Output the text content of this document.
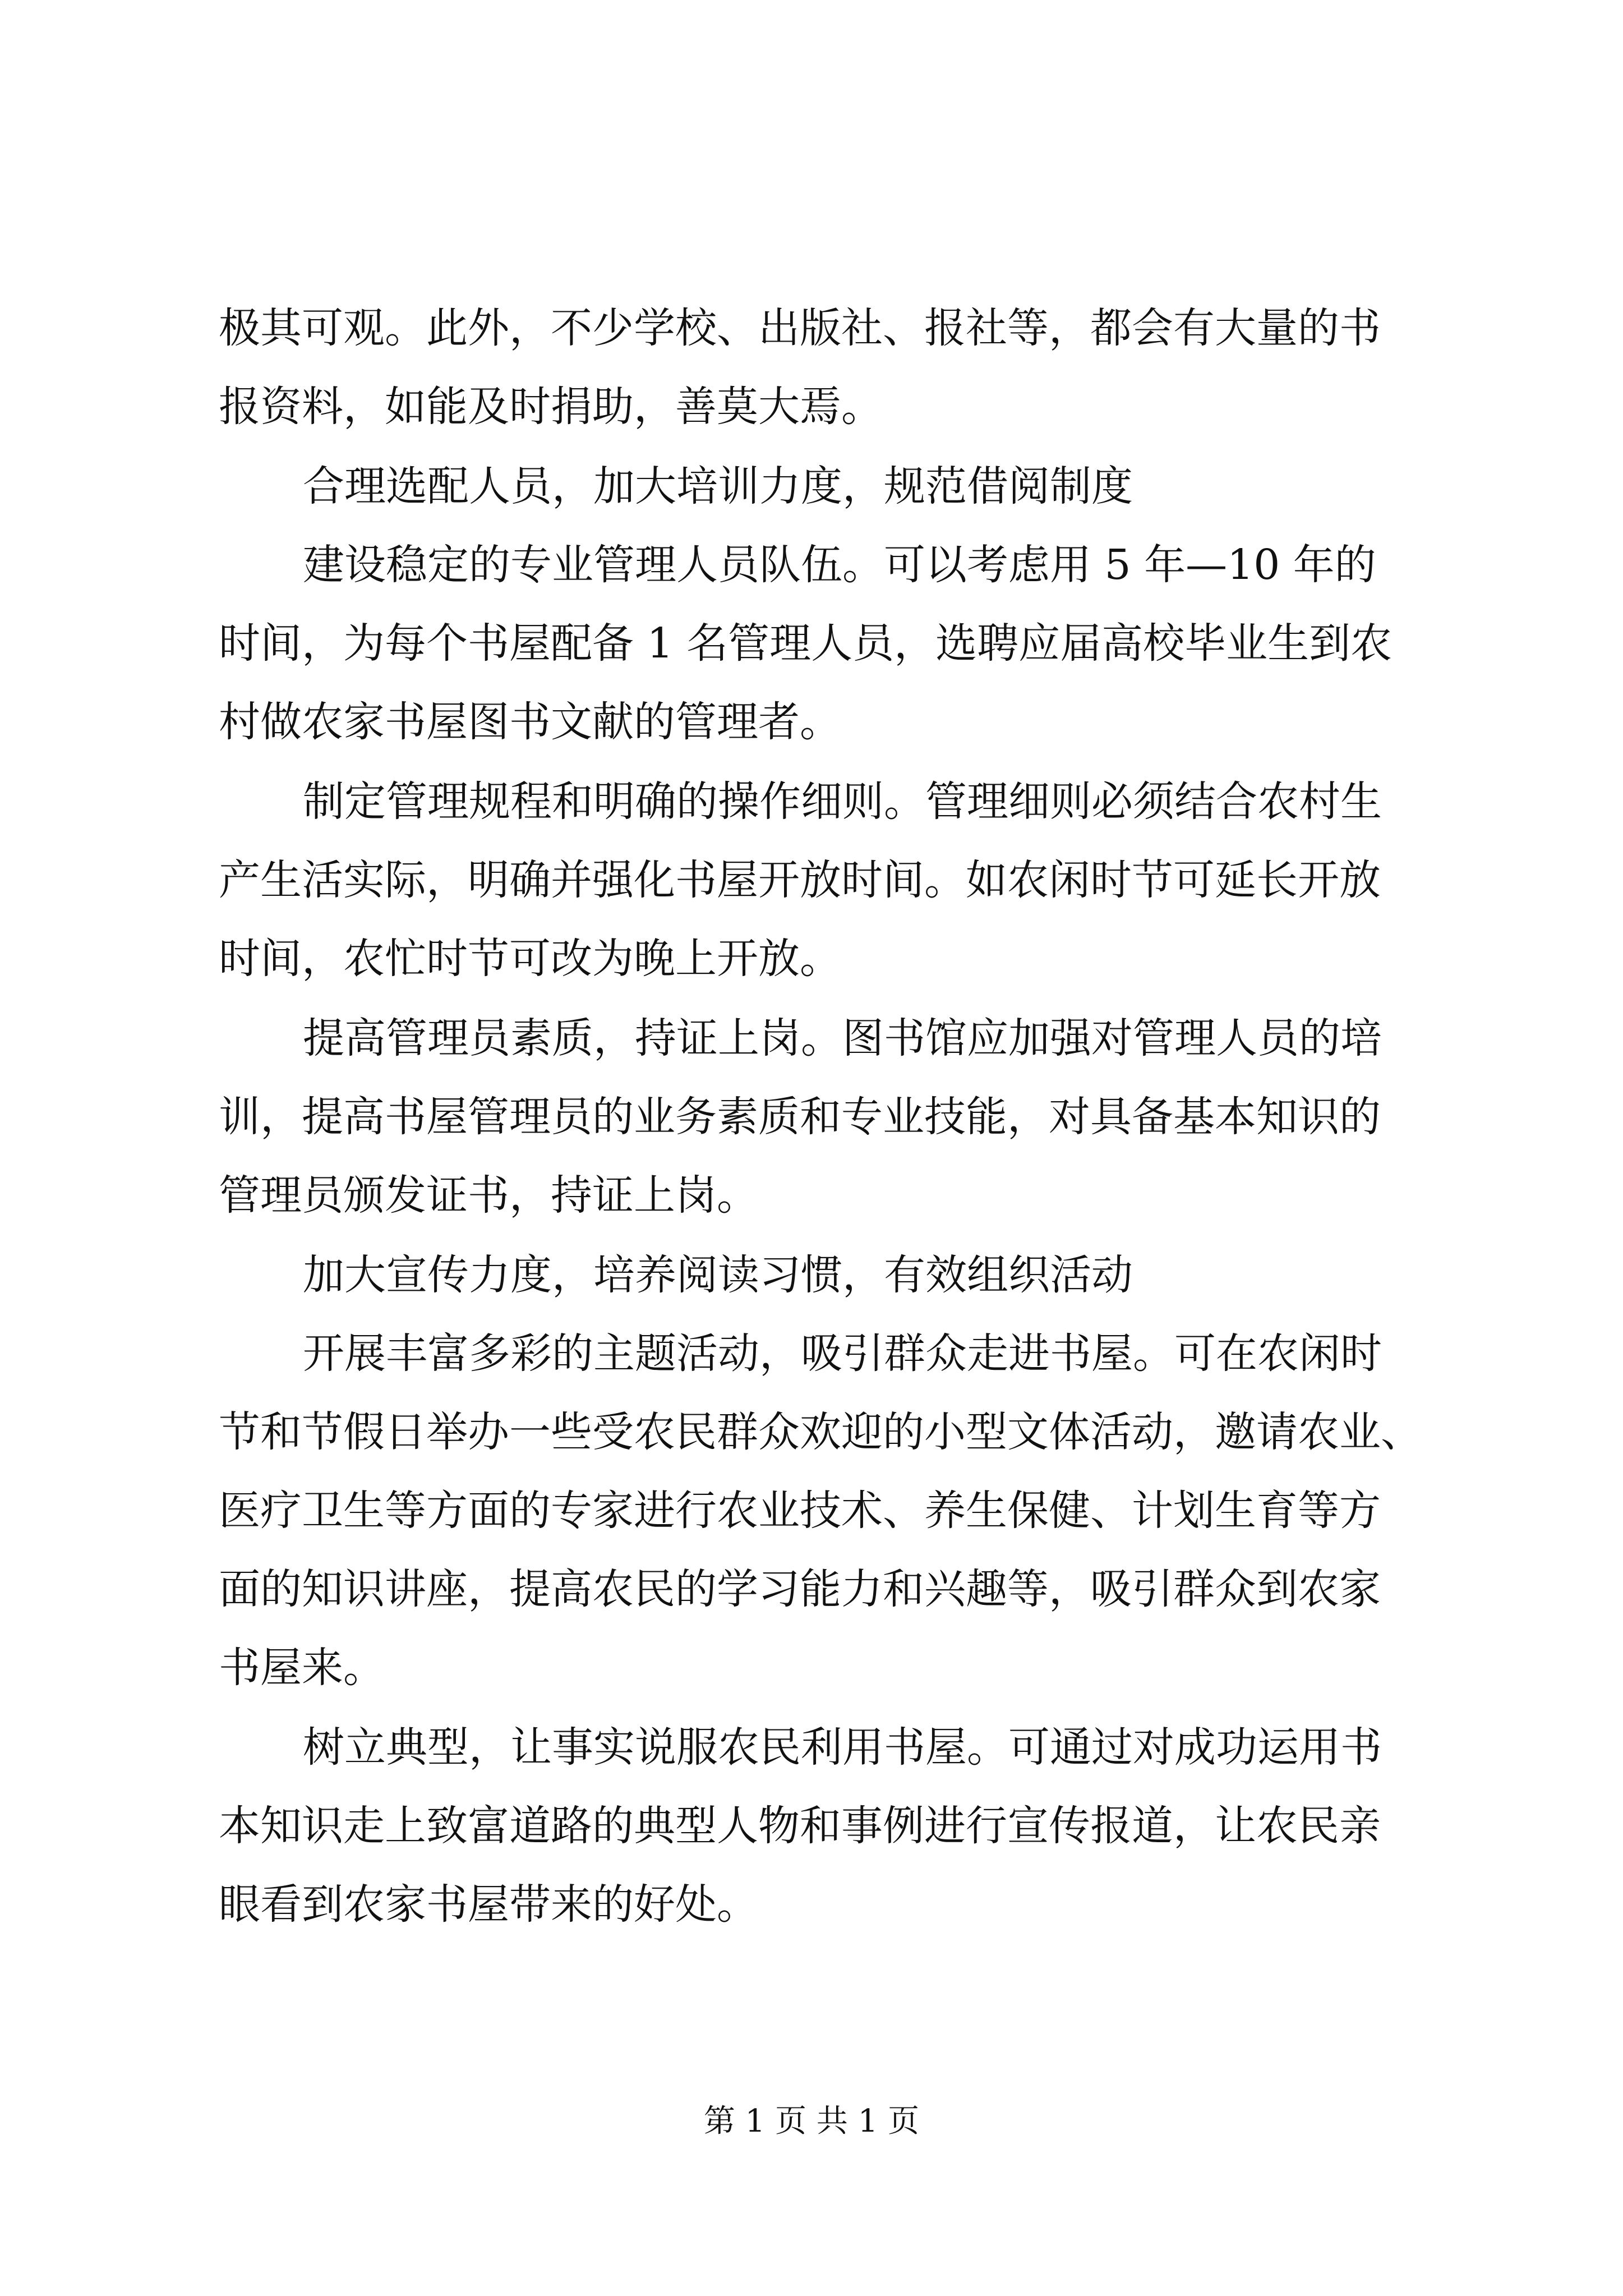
极其可观。此外，不少学校、出版社、报社等，都会有大量的书
报资料，如能及时捐助，善莫大焉。
合理选配人员，加大培训力度，规范借阅制度
建设稳定的专业管理人员队伍。可以考虑用 5 年—10 年的
时间，为每个书屋配备 1 名管理人员，选聘应届高校毕业生到农
村做农家书屋图书文献的管理者。
制定管理规程和明确的操作细则。管理细则必须结合农村生
产生活实际，明确并强化书屋开放时间。如农闲时节可延长开放
时间，农忙时节可改为晚上开放。
提高管理员素质，持证上岗。图书馆应加强对管理人员的培
训，提高书屋管理员的业务素质和专业技能，对具备基本知识的
管理员颁发证书，持证上岗。
加大宣传力度，培养阅读习惯，有效组织活动
开展丰富多彩的主题活动，吸引群众走进书屋。可在农闲时
节和节假日举办一些受农民群众欢迎的小型文体活动，邀请农业、
医疗卫生等方面的专家进行农业技术、养生保健、计划生育等方
面的知识讲座，提高农民的学习能力和兴趣等，吸引群众到农家
书屋来。
树立典型，让事实说服农民利用书屋。可通过对成功运用书
本知识走上致富道路的典型人物和事例进行宣传报道，让农民亲
眼看到农家书屋带来的好处。
第 1 页 共 1 页
